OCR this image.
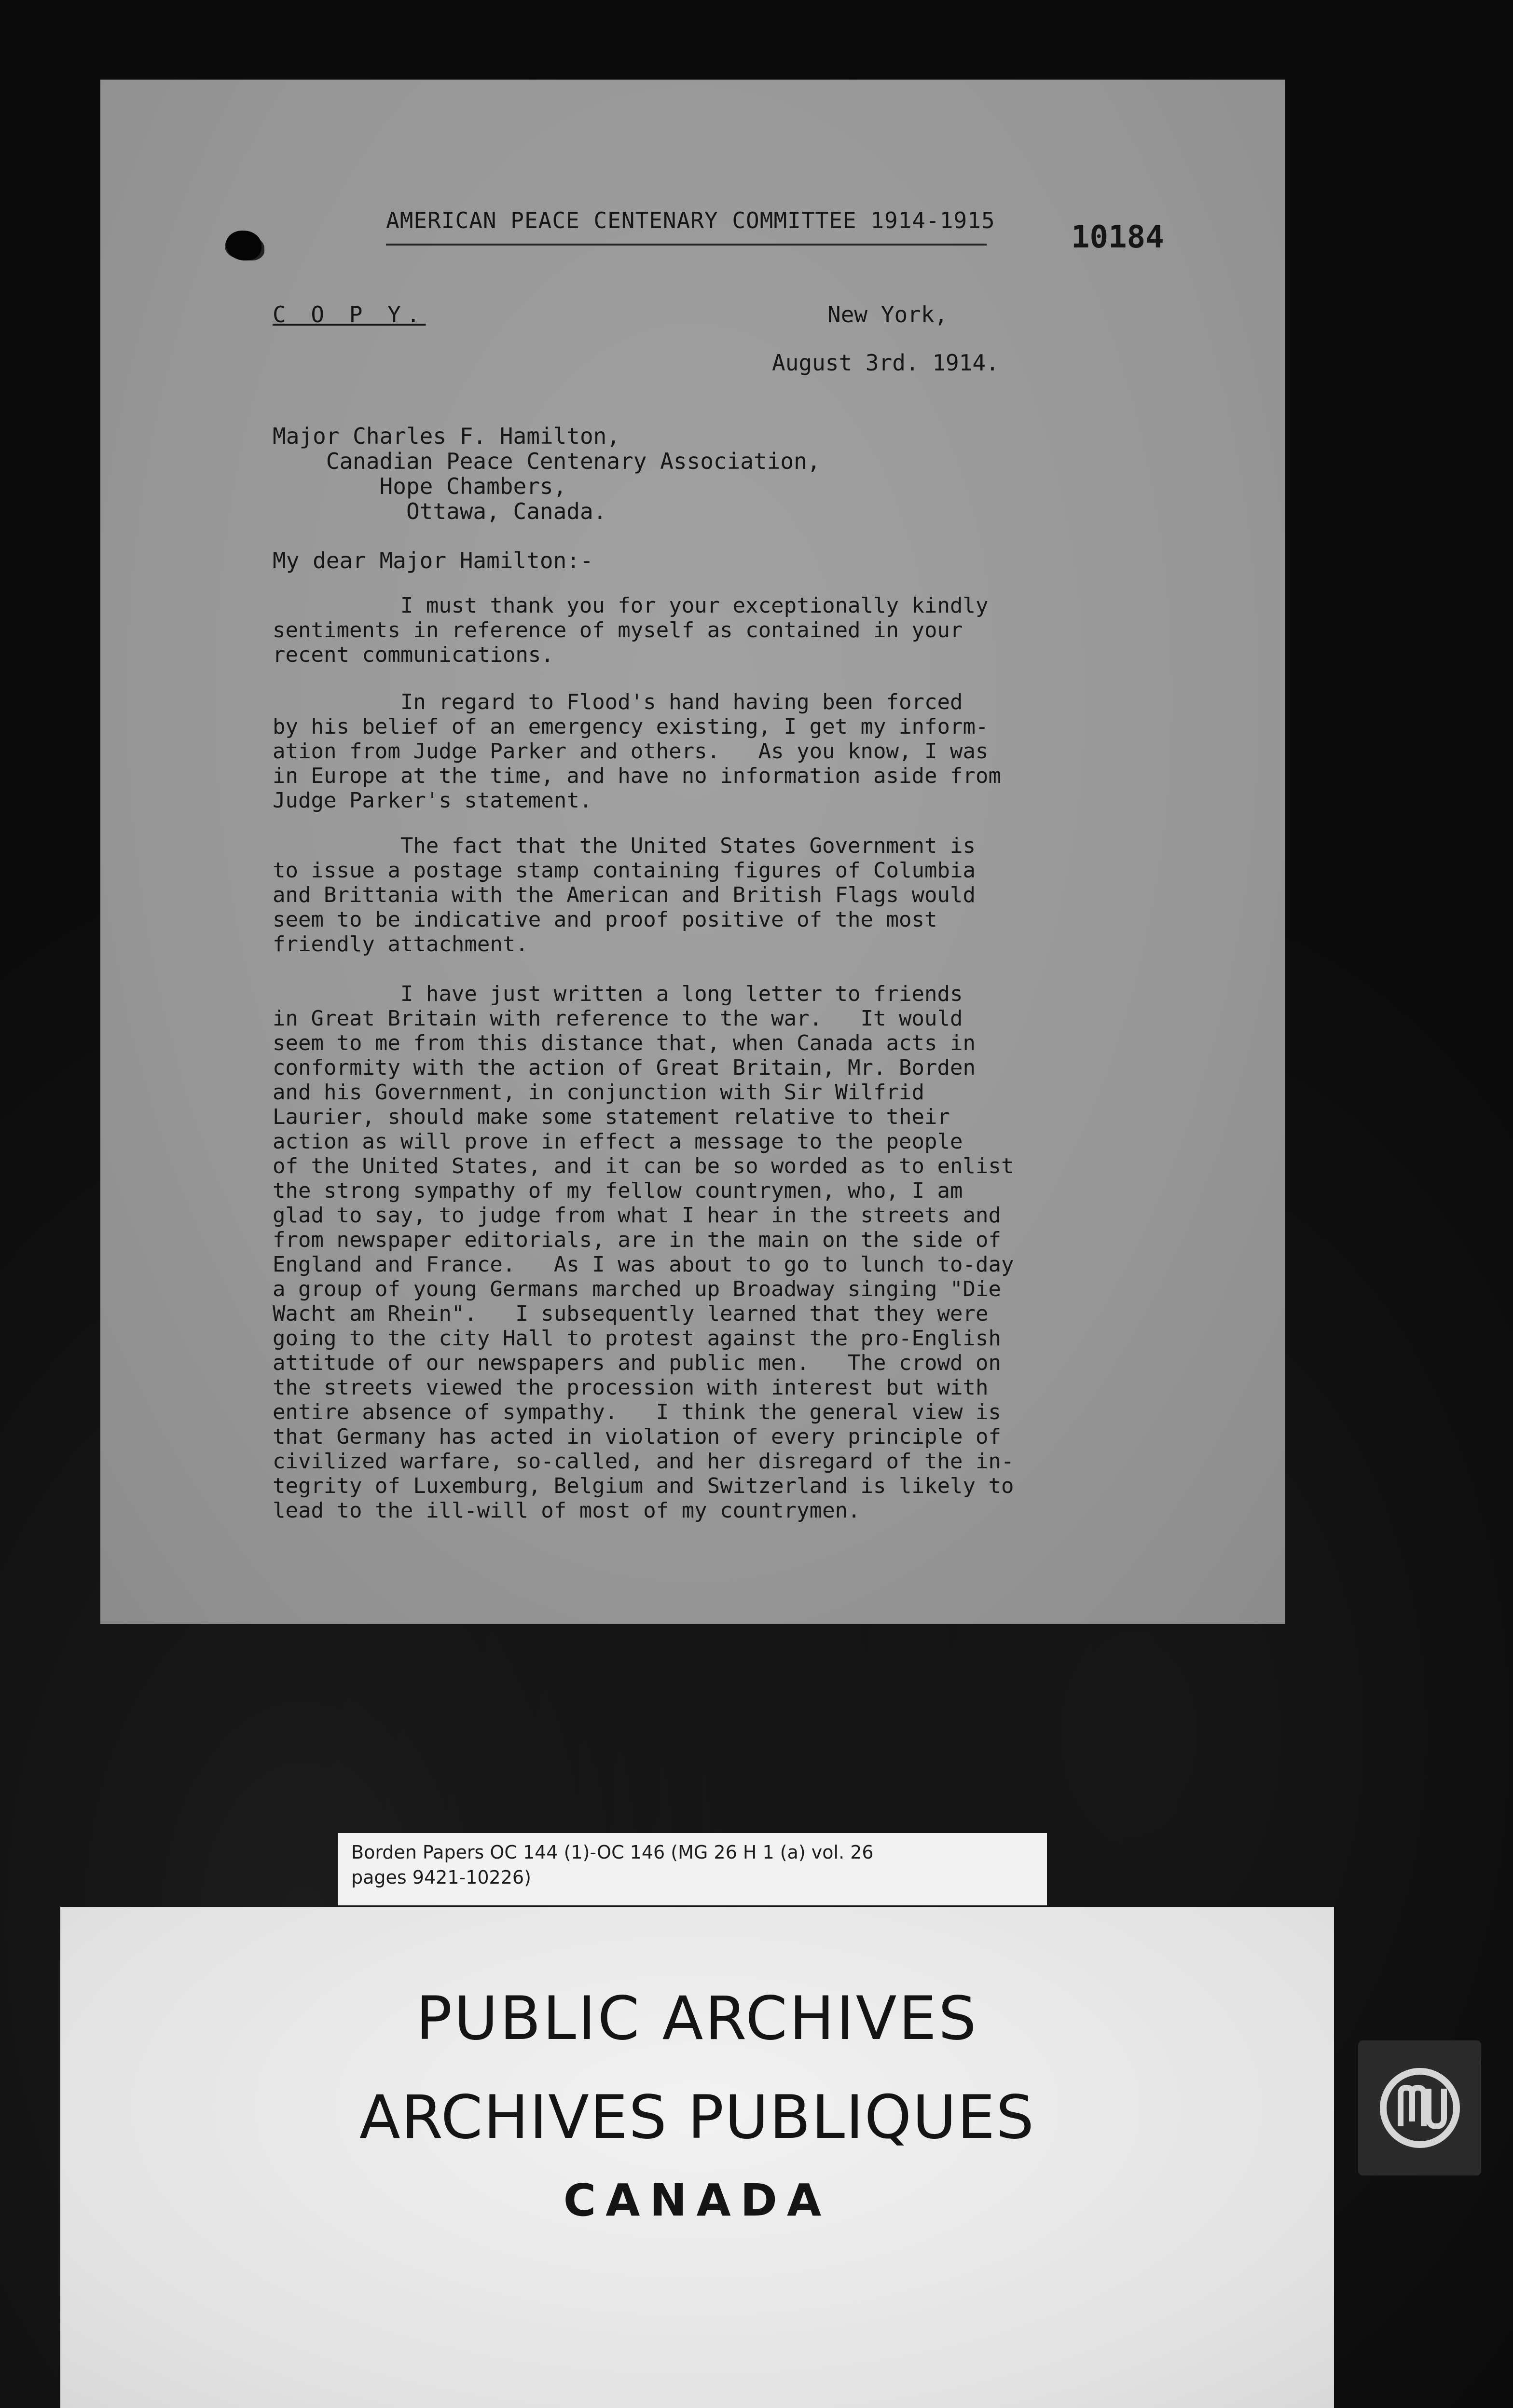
AMERICAN PEACE CENTENARY COMMITTEE 1914-1915 10184
C O P Y.	New York,
August 3rd. 1914.
Major Charles F. Hamilton,
Canadian Peace Centenary Association,
Hope Chambers,
Ottawa, Canada.
My dear Major Hamilton:-
I must thank you for your exceptionally kindly
sentiments in reference of myself as contained in your
recent communications.
In regard to Flood's hand having been forced
by his belief of an emergency existing, I get my inform-
ation from Judge Parker and others.   As you know, I was
in Europe at the time, and have no information aside from
Judge Parker's statement.
The fact that the United States Government is
to issue a postage stamp containing figures of Columbia
and Brittania with the American and British Flags would
seem to be indicative and proof positive of the most
friendly attachment.
I have just written a long letter to friends
in Great Britain with reference to the war.   It would
seem to me from this distance that, when Canada acts in
conformity with the action of Great Britain, Mr. Borden
and his Government, in conjunction with Sir Wilfrid
Laurier, should make some statement relative to their
action as will prove in effect a message to the people
of the United States, and it can be so worded as to enlist
the strong sympathy of my fellow countrymen, who, I am
glad to say, to judge from what I hear in the streets and
from newspaper editorials, are in the main on the side of
England and France.   As I was about to go to lunch to-day
a group of young Germans marched up Broadway singing "Die
Wacht am Rhein".   I subsequently learned that they were
going to the city Hall to protest against the pro-English
attitude of our newspapers and public men.   The crowd on
the streets viewed the procession with interest but with
entire absence of sympathy.   I think the general view is
that Germany has acted in violation of every principle of
civilized warfare, so-called, and her disregard of the in-
tegrity of Luxemburg, Belgium and Switzerland is likely to
lead to the ill-will of most of my countrymen.
Borden Papers OC 144 (1)-OC 146 (MG 26 H 1 (a) vol. 26
pages 9421-10226)
PUBLIC ARCHIVES
ARCHIVES PUBLIQUES
CANADA
